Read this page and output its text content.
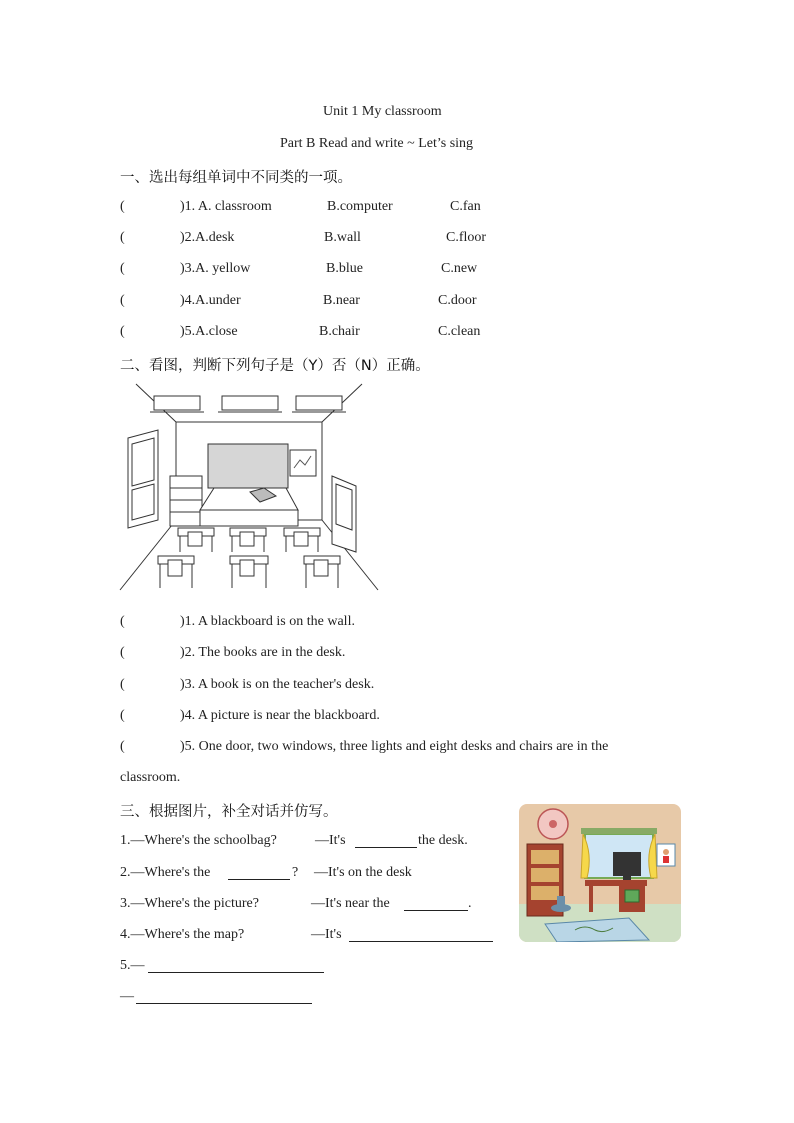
Unit 1 My classroom
Part B Read and write ~ Let’s sing
一、选出每组单词中不同类的一项。
(	)1. A. classroom	B.computer	C.fan
(	)2.A.desk	B.wall	C.floor
(	)3.A. yellow	B.blue	C.new
(	)4.A.under	B.near	C.door
(	)5.A.close	B.chair	C.clean
二、看图，判断下列句子是（Y）否（N）正确。
(	)1. A blackboard is on the wall.
(	)2. The books are in the desk.
(	)3. A book is on the teacher's desk.
(	)4. A picture is near the blackboard.
(	)5. One door, two windows, three lights and eight desks and chairs are in the
classroom.
三、根据图片，补全对话并仿写。
1.—Where's the schoolbag?	—It's	the desk.
2.—Where's the	? —It's on the desk
3.—Where's the picture?	—It's near the	.
4.—Where's the map?	—It's
5.—
—
